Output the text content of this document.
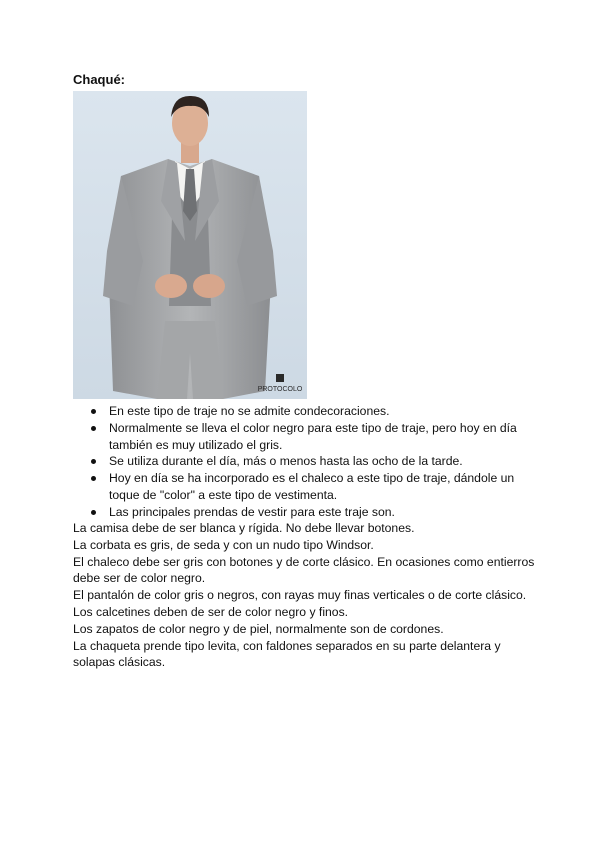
Chaqué:
PROTOCOLO
En este tipo de traje no se admite condecoraciones.
Normalmente se lleva el color negro para este tipo de traje, pero hoy en día también es muy utilizado el gris.
Se utiliza durante el día, más o menos hasta las ocho de la tarde.
Hoy en día se ha incorporado es el chaleco a este tipo de traje, dándole un toque de "color" a este tipo de vestimenta.
Las principales prendas de vestir para este traje son.

La camisa debe de ser blanca y rígida. No debe llevar botones.

La corbata es gris, de seda y con un nudo tipo Windsor.

El chaleco debe ser gris con botones y de corte clásico. En ocasiones como entierros debe ser de color negro.

El pantalón de color gris o negros, con rayas muy finas verticales o de corte clásico.

Los calcetines deben de ser de color negro y finos.

Los zapatos de color negro y de piel, normalmente son de cordones.

La chaqueta prende tipo levita, con faldones separados en su parte delantera y solapas clásicas.
